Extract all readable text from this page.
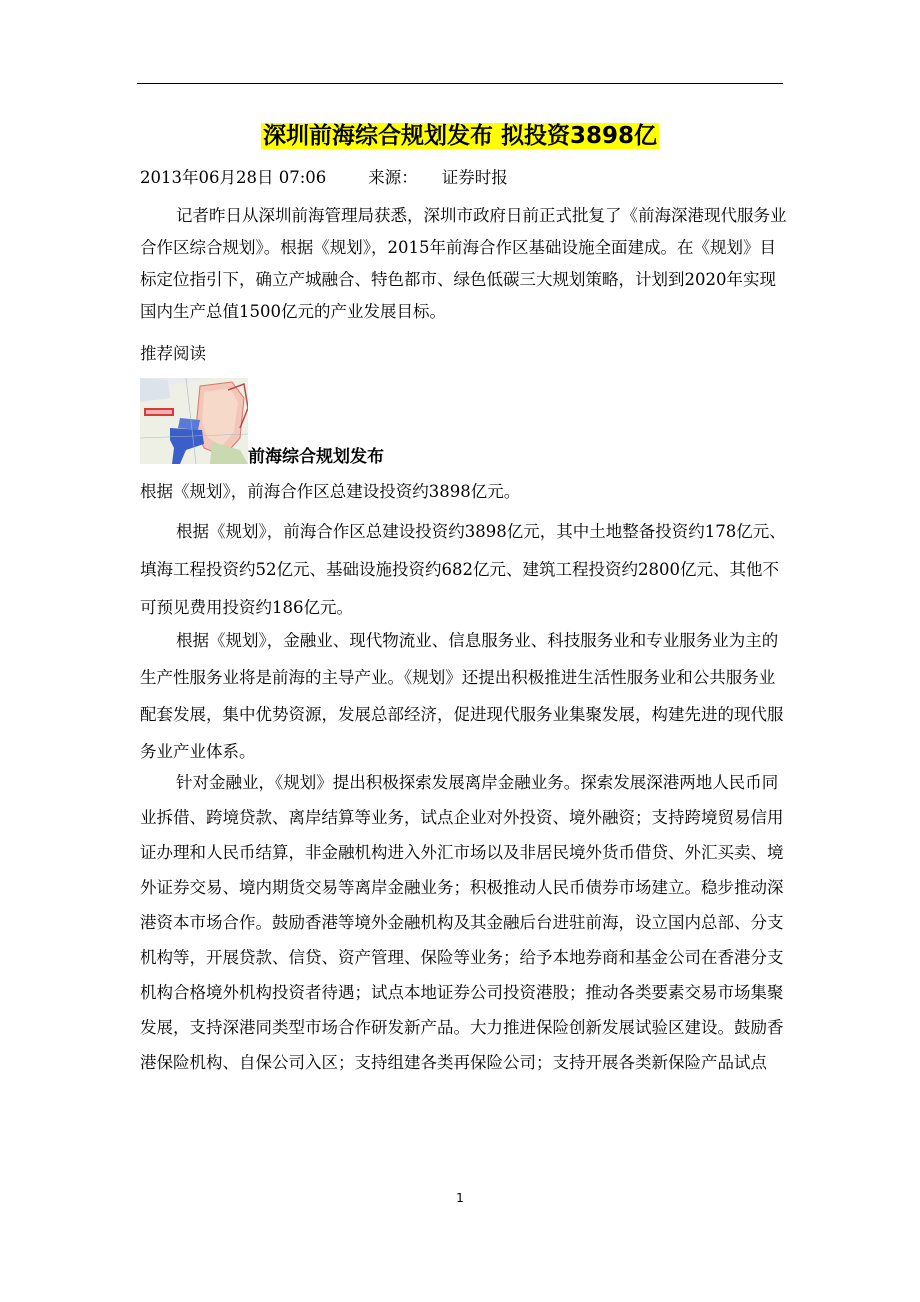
深圳前海综合规划发布 拟投资3898亿
2013年06月28日 07:06	来源： 证券时报
记者昨日从深圳前海管理局获悉，深圳市政府日前正式批复了《前海深港现代服务业合作区综合规划》。根据《规划》，2015年前海合作区基础设施全面建成。在《规划》目标定位指引下，确立产城融合、特色都市、绿色低碳三大规划策略，计划到2020年实现国内生产总值1500亿元的产业发展目标。
推荐阅读
前海综合规划发布
根据《规划》，前海合作区总建设投资约3898亿元。
根据《规划》，前海合作区总建设投资约3898亿元，其中土地整备投资约178亿元、填海工程投资约52亿元、基础设施投资约682亿元、建筑工程投资约2800亿元、其他不可预见费用投资约186亿元。
根据《规划》，金融业、现代物流业、信息服务业、科技服务业和专业服务业为主的生产性服务业将是前海的主导产业。《规划》还提出积极推进生活性服务业和公共服务业配套发展，集中优势资源，发展总部经济，促进现代服务业集聚发展，构建先进的现代服务业产业体系。
针对金融业，《规划》提出积极探索发展离岸金融业务。探索发展深港两地人民币同业拆借、跨境贷款、离岸结算等业务，试点企业对外投资、境外融资；支持跨境贸易信用证办理和人民币结算，非金融机构进入外汇市场以及非居民境外货币借贷、外汇买卖、境外证券交易、境内期货交易等离岸金融业务；积极推动人民币债券市场建立。稳步推动深港资本市场合作。鼓励香港等境外金融机构及其金融后台进驻前海，设立国内总部、分支机构等，开展贷款、信贷、资产管理、保险等业务；给予本地券商和基金公司在香港分支机构合格境外机构投资者待遇；试点本地证券公司投资港股；推动各类要素交易市场集聚发展，支持深港同类型市场合作研发新产品。大力推进保险创新发展试验区建设。鼓励香港保险机构、自保公司入区；支持组建各类再保险公司；支持开展各类新保险产品试点
1
